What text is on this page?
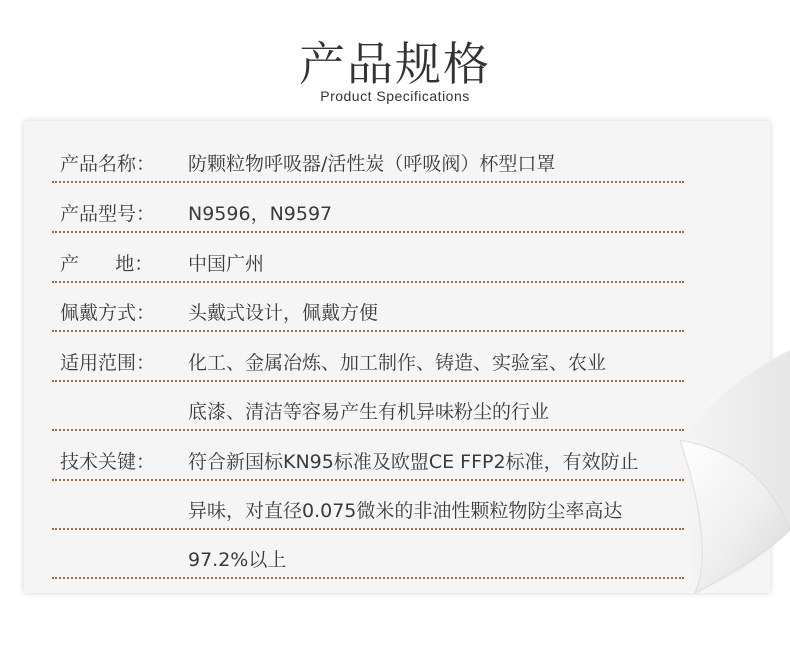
产品规格
Product Specifications
产品名称： 防颗粒物呼吸器/活性炭（呼吸阀）杯型口罩
产品型号： N9596，N9597
产      地： 中国广州
佩戴方式： 头戴式设计，佩戴方便
适用范围： 化工、金属冶炼、加工制作、铸造、实验室、农业
底漆、清洁等容易产生有机异味粉尘的行业
技术关键： 符合新国标KN95标准及欧盟CE FFP2标准，有效防止
异味，对直径0.075微米的非油性颗粒物防尘率高达
97.2%以上
